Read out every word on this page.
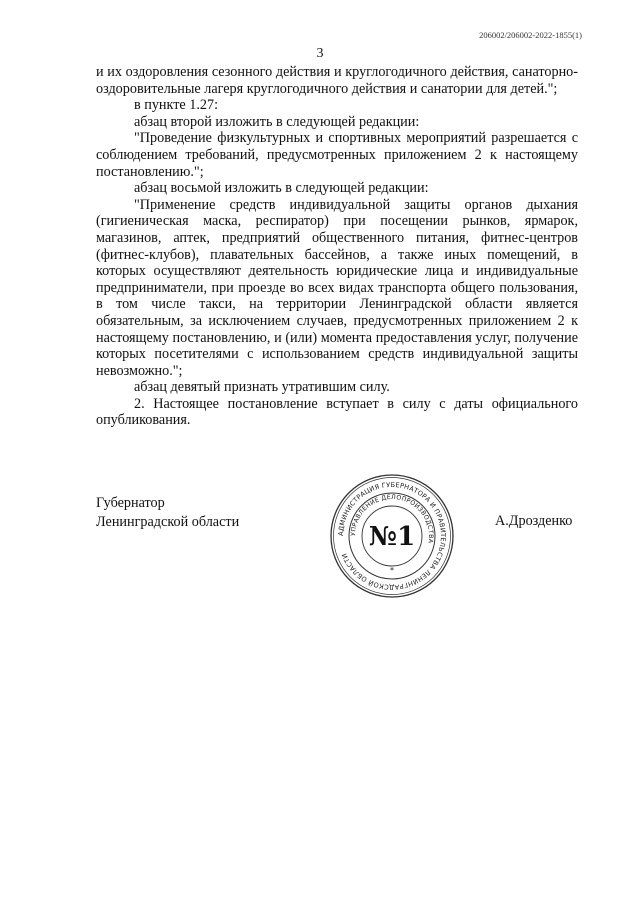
206002/206002-2022-1855(1)
3

и их оздоровления сезонного действия и круглогодичного действия, санаторно-оздоровительные лагеря круглогодичного действия и санатории для детей.";

в пункте 1.27:

абзац второй изложить в следующей редакции:

"Проведение физкультурных и спортивных мероприятий разрешается с соблюдением требований, предусмотренных приложением 2 к настоящему постановлению.";

абзац восьмой изложить в следующей редакции:

"Применение средств индивидуальной защиты органов дыхания (гигиеническая маска, респиратор) при посещении рынков, ярмарок, магазинов, аптек, предприятий общественного питания, фитнес-центров (фитнес-клубов), плавательных бассейнов, а также иных помещений, в которых осуществляют деятельность юридические лица и индивидуальные предприниматели, при проезде во всех видах транспорта общего пользования, в том числе такси, на территории Ленинградской области является обязательным, за исключением случаев, предусмотренных приложением 2 к настоящему постановлению, и (или) момента предоставления услуг, получение которых посетителями с использованием средств индивидуальной защиты невозможно.";

абзац девятый признать утратившим силу.

2. Настоящее постановление вступает в силу с даты официального опубликования.

Губернатор
Ленинградской области	А.Дрозденко
АДМИНИСТРАЦИЯ ГУБЕРНАТОРА И ПРАВИТЕЛЬСТВА ЛЕНИНГРАДСКОЙ ОБЛАСТИ
УПРАВЛЕНИЕ ДЕЛОПРОИЗВОДСТВА
№1
*
